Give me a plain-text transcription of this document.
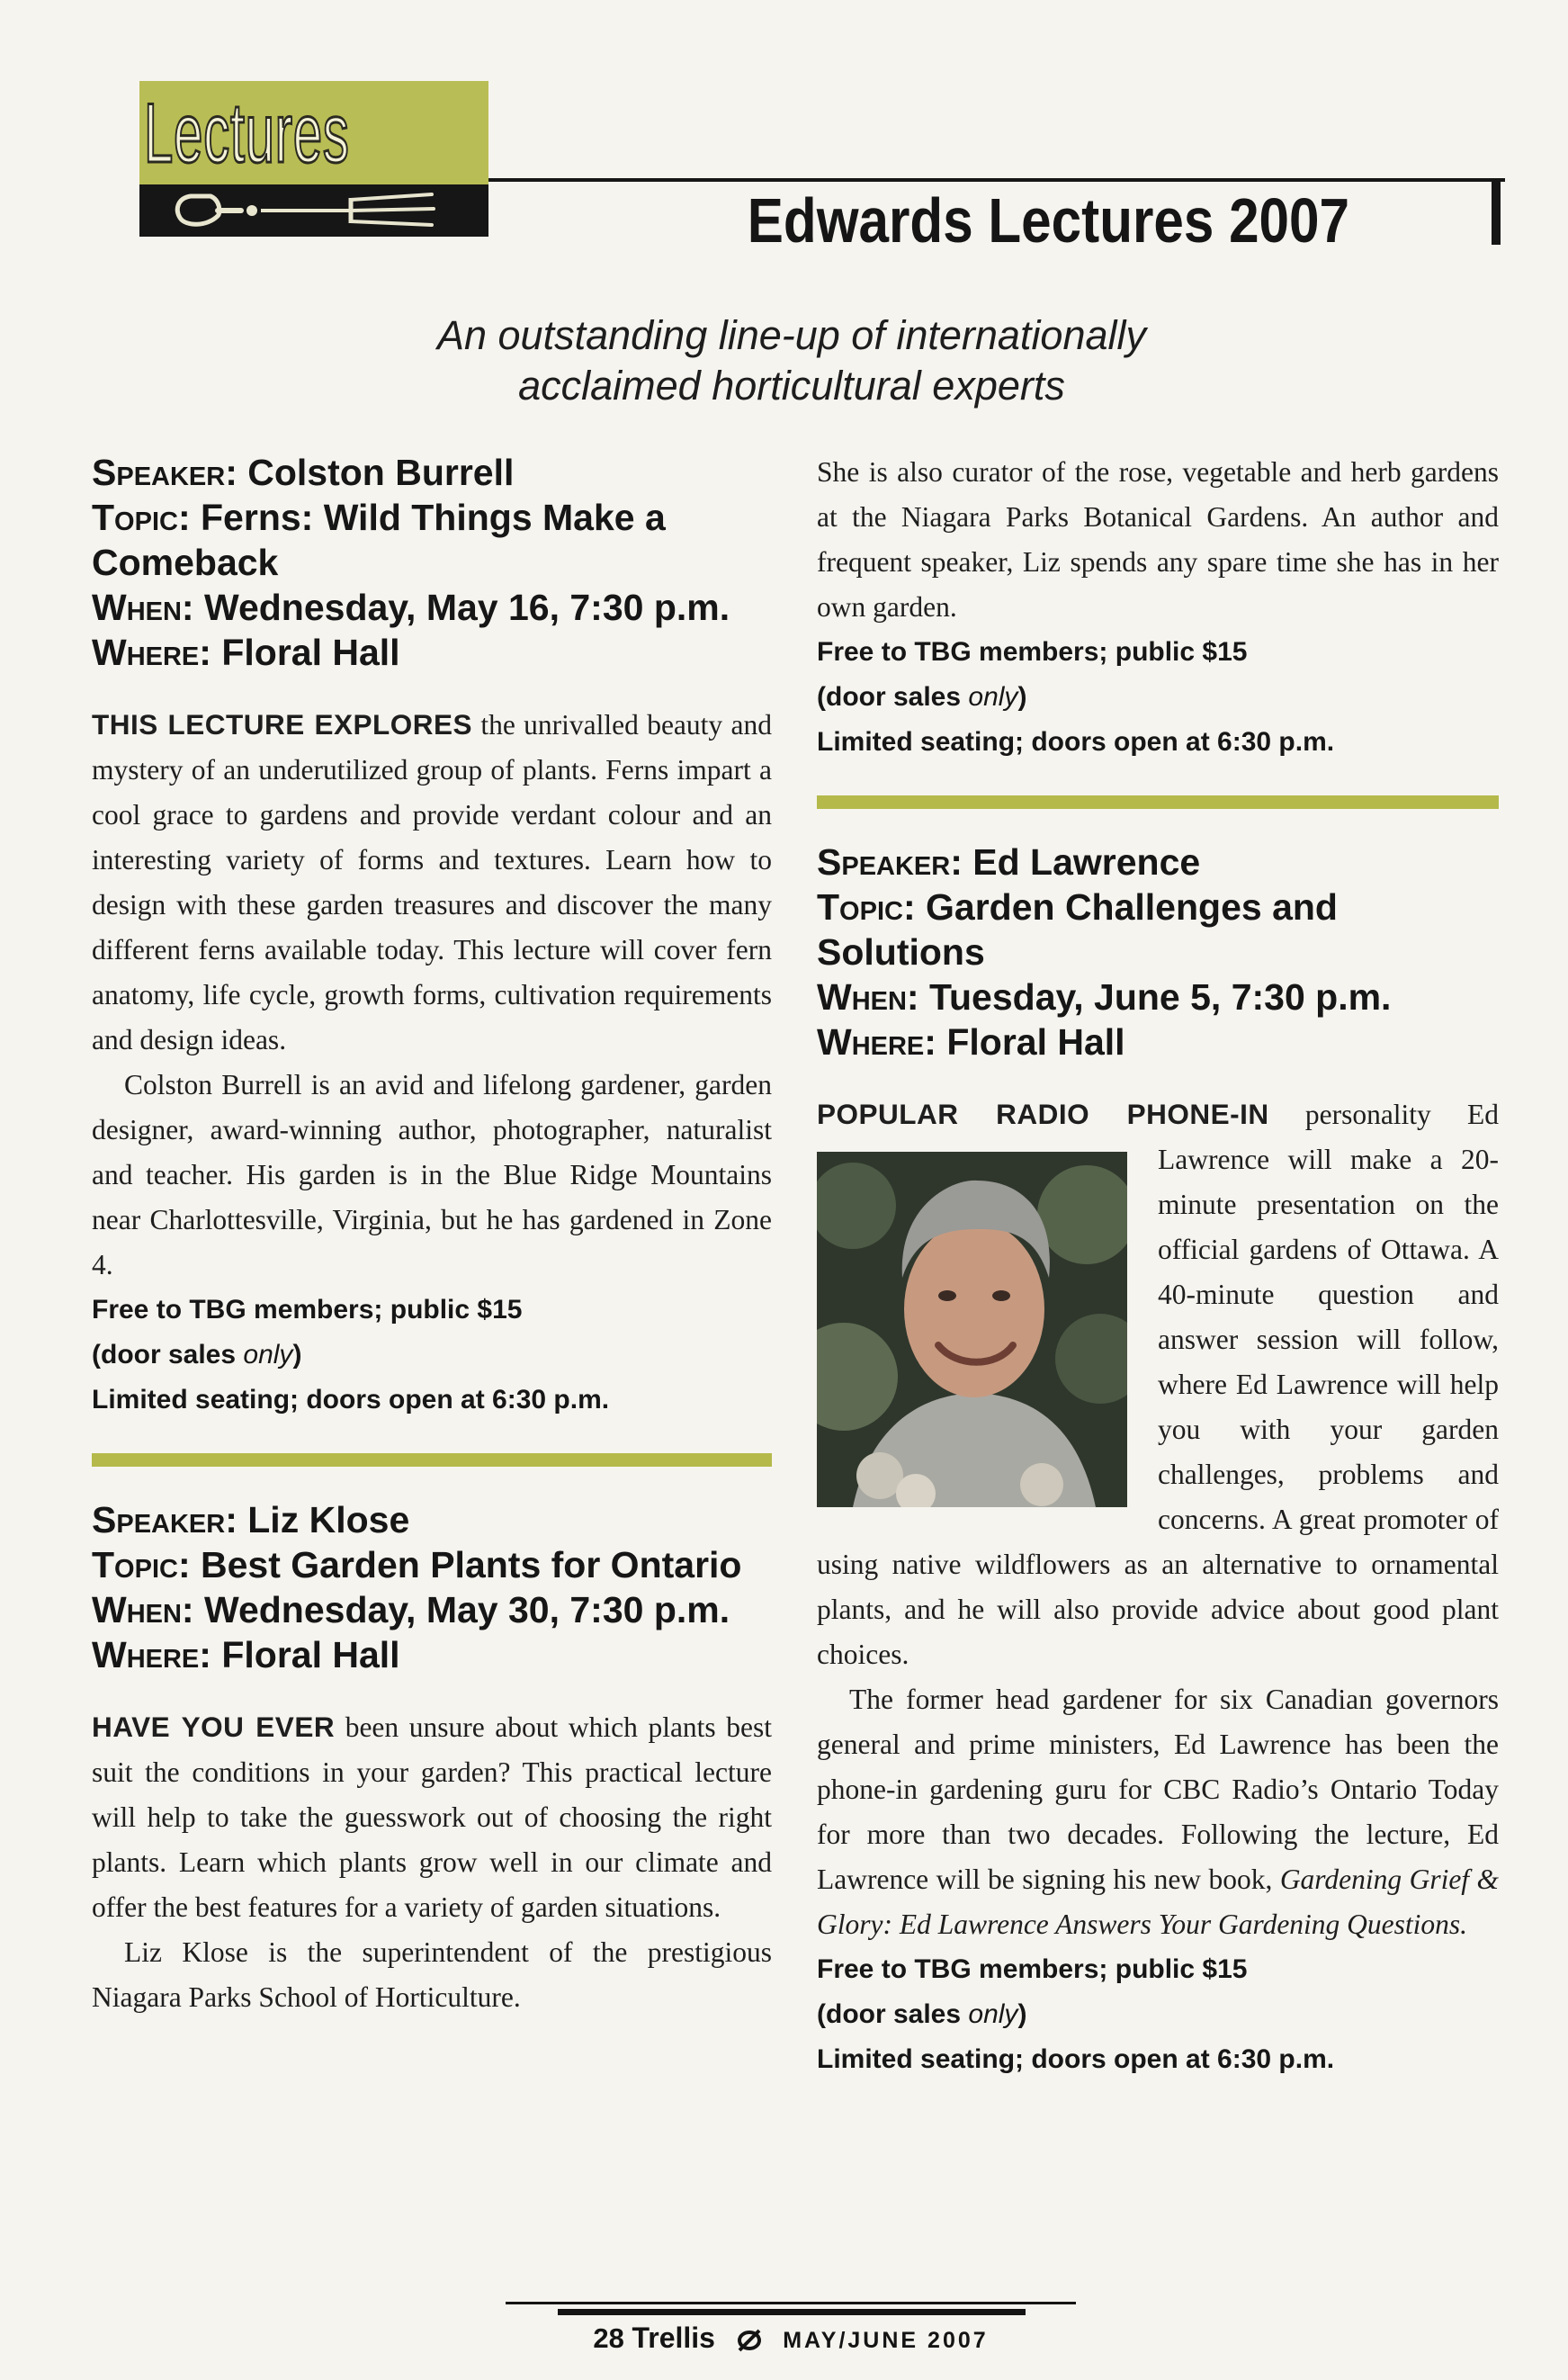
Lectures
Edwards Lectures 2007

An outstanding line-up of internationally acclaimed horticultural experts

Speaker: Colston Burrell

Topic: Ferns: Wild Things Make a Comeback

When: Wednesday, May 16, 7:30 p.m.

Where: Floral Hall

THIS LECTURE EXPLORES the unrivalled beauty and mystery of an underutilized group of plants. Ferns impart a cool grace to gardens and provide verdant colour and an interesting variety of forms and textures. Learn how to design with these garden treasures and discover the many different ferns available today. This lecture will cover fern anatomy, life cycle, growth forms, cultivation requirements and design ideas.

Colston Burrell is an avid and lifelong gardener, garden designer, award-winning author, photographer, naturalist and teacher. His garden is in the Blue Ridge Mountains near Charlottesville, Virginia, but he has gardened in Zone 4.

Free to TBG members; public $15

(door sales only)

Limited seating; doors open at 6:30 p.m.

Speaker: Liz Klose

Topic: Best Garden Plants for Ontario

When: Wednesday, May 30, 7:30 p.m.

Where: Floral Hall

HAVE YOU EVER been unsure about which plants best suit the conditions in your garden? This practical lecture will help to take the guesswork out of choosing the right plants. Learn which plants grow well in our climate and offer the best features for a variety of garden situations.

Liz Klose is the superintendent of the prestigious Niagara Parks School of Horticulture.

She is also curator of the rose, vegetable and herb gardens at the Niagara Parks Botanical Gardens. An author and frequent speaker, Liz spends any spare time she has in her own garden.

Free to TBG members; public $15

(door sales only)

Limited seating; doors open at 6:30 p.m.

Speaker: Ed Lawrence

Topic: Garden Challenges and Solutions

When: Tuesday, June 5, 7:30 p.m.

Where: Floral Hall

POPULAR RADIO PHONE-IN personality Ed Lawrence will make a 20-minute presentation on the official gardens of Ottawa. A 40-minute question and answer session will follow, where Ed Lawrence will help you with your garden challenges, problems and concerns. A great promoter of using native wildflowers as an alternative to ornamental plants, and he will also provide advice about good plant choices.

The former head gardener for six Canadian governors general and prime ministers, Ed Lawrence has been the phone-in gardening guru for CBC Radio’s Ontario Today for more than two decades. Following the lecture, Ed Lawrence will be signing his new book, Gardening Grief & Glory: Ed Lawrence Answers Your Gardening Questions.

Free to TBG members; public $15

(door sales only)

Limited seating; doors open at 6:30 p.m.

28 Trellis	MAY/JUNE 2007
